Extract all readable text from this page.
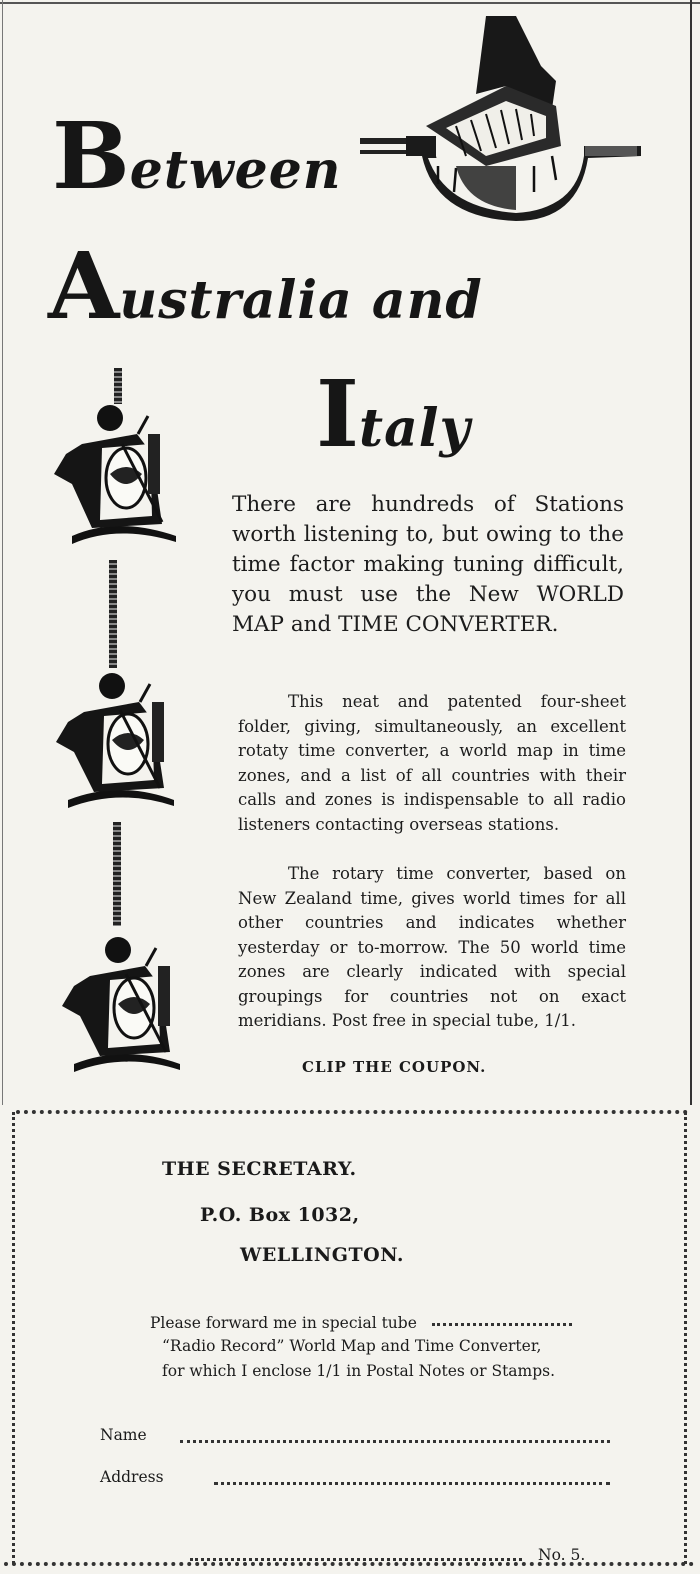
Between
Australia and
Italy
There are hundreds of Stations worth listening to, but owing to the time factor making tuning difficult, you must use the New WORLD MAP and TIME CONVERTER.
This neat and patented four-sheet folder, giving, simultaneously, an excellent rotaty time converter, a world map in time zones, and a list of all countries with their calls and zones is indispensable to all radio listeners contacting overseas stations.
The rotary time converter, based on New Zealand time, gives world times for all other countries and indicates whether yesterday or to-morrow. The 50 world time zones are clearly indicated with special groupings for countries not on exact meridians. Post free in special tube, 1/1.
CLIP THE COUPON.
THE SECRETARY.
P.O. Box 1032,
WELLINGTON.
Please forward me in special tube
“Radio Record” World Map and Time Converter,
for which I enclose 1/1 in Postal Notes or Stamps.
Name
Address
No. 5.
